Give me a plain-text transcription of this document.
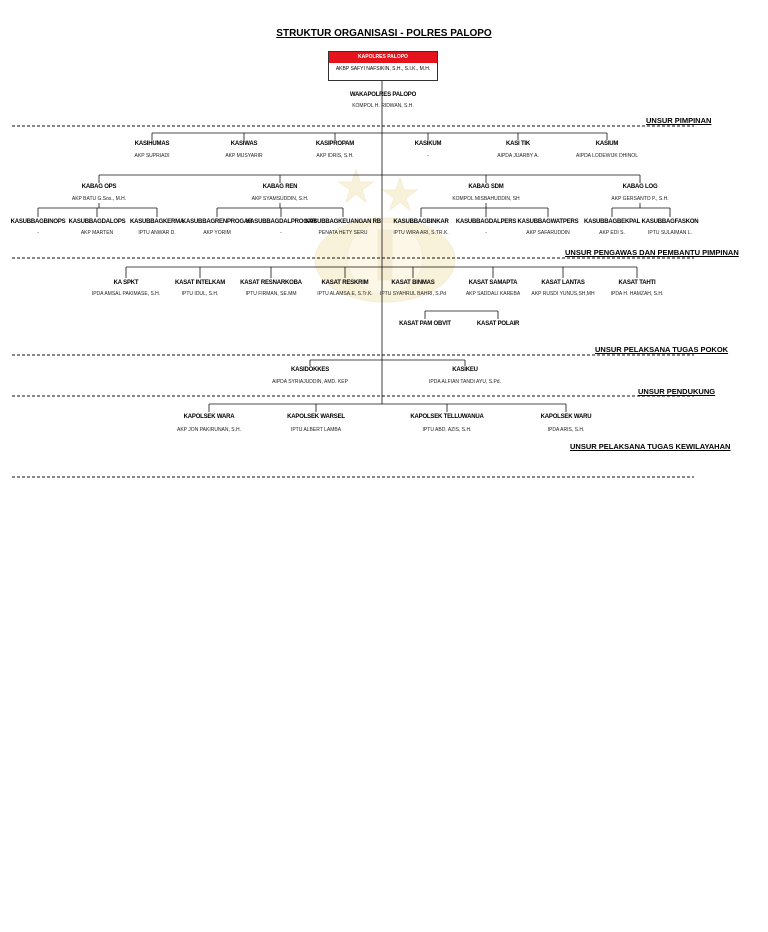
STRUKTUR ORGANISASI - POLRES PALOPO
KAPOLRES PALOPO
AKBP SAFYI NAFSIKIN, S.H., S.I.K., M.H.
WAKAPOLRES PALOPO
KOMPOL H. RIDWAN, S.H.
UNSUR PIMPINAN
UNSUR PENGAWAS DAN PEMBANTU PIMPINAN
UNSUR PELAKSANA TUGAS POKOK
UNSUR PENDUKUNG
UNSUR PELAKSANA TUGAS KEWILAYAHAN
KASIHUMAS
AKP SUPRIADI
KASIWAS
AKP MUSYARIR
KASIPROPAM
AKP IDRIS, S.H.
KASIKUM
-
KASI TIK
AIPDA JUARBY A.
KASIUM
AIPDA LODEWIJK DHINOL
KABAG OPS
AKP BATU G.Sos., M.H.
KABAG REN
AKP SYAMSUDDIN, S.H.
KABAG SDM
KOMPOL MISBAHUDDIN, SH
KABAG LOG
AKP GERSANTO P., S.H.
KASUBBAGBINOPS
-
KASUBBAGDALOPS
AKP MARTEN
KASUBBAGKERMA
IPTU ANWAR D.
KASUBBAGRENPROGAR
AKP YORIM
KASUBBAGDALPROGAR
-
KASUBBAGKEUANGAN RB
PENATA HETY SERU
KASUBBAGBINKAR
IPTU WIRA ARI, S.TR.K.
KASUBBAGDALPERS
-
KASUBBAGWATPERS
AKP SAFARUDDIN
KASUBBAGBEKPAL
AKP EDI S.
KASUBBAGFASKON
IPTU SULAIMAN L.
KA SPKT
IPDA AMSAL PAKIMASE, S.H.
KASAT INTELKAM
IPTU IDUL, S.H.
KASAT RESNARKOBA
IPTU FIRMAN, SE.MM
KASAT RESKRIM
IPTU ALAMSA.E, S.Tr.K.
KASAT BINMAS
IPTU SYAHRUL BAHRI, S.Pd
KASAT SAMAPTA
AKP SADDALI KAREBA
KASAT LANTAS
AKP RUSDI YUNUS,SH,MH
KASAT TAHTI
IPDA H. HAMZAH, S.H.
KASAT PAM OBVIT	KASAT POLAIR
KASIDOKKES
AIPDA SYRIAJUDDIN, AMD. KEP
KASIKEU
IPDA ALFIAN TANDI AYU, S.Pd.
KAPOLSEK WARA
AKP JON PAKIRUNAN, S.H.
KAPOLSEK WARSEL
IPTU ALBERT LAMBA
KAPOLSEK TELLUWANUA
IPTU ABD. AZIS, S.H.
KAPOLSEK WARU
IPDA ARIS, S.H.
